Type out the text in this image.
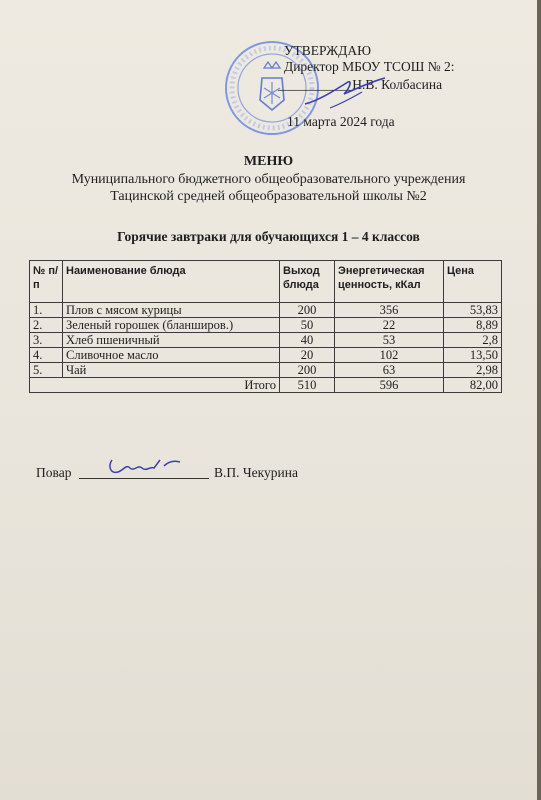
УТВЕРЖДАЮ
Директор МБОУ ТСОШ № 2:
___________Н.В. Колбасина
11 марта 2024 года
МЕНЮ
Муниципального бюджетного общеобразовательного учреждения
Тацинской средней общеобразовательной школы №2
Горячие завтраки для обучающихся 1 – 4 классов
№ п/п	Наименование блюда	Выход блюда	Энергетическая ценность, кКал	Цена
1.	Плов с мясом курицы	200	356	53,83
2.	Зеленый горошек (бланширов.)	50	22	8,89
3.	Хлеб пшеничный	40	53	2,8
4.	Сливочное масло	20	102	13,50
5.	Чай	200	63	2,98
Итого		510	596	82,00
Повар	В.П. Чекурина
